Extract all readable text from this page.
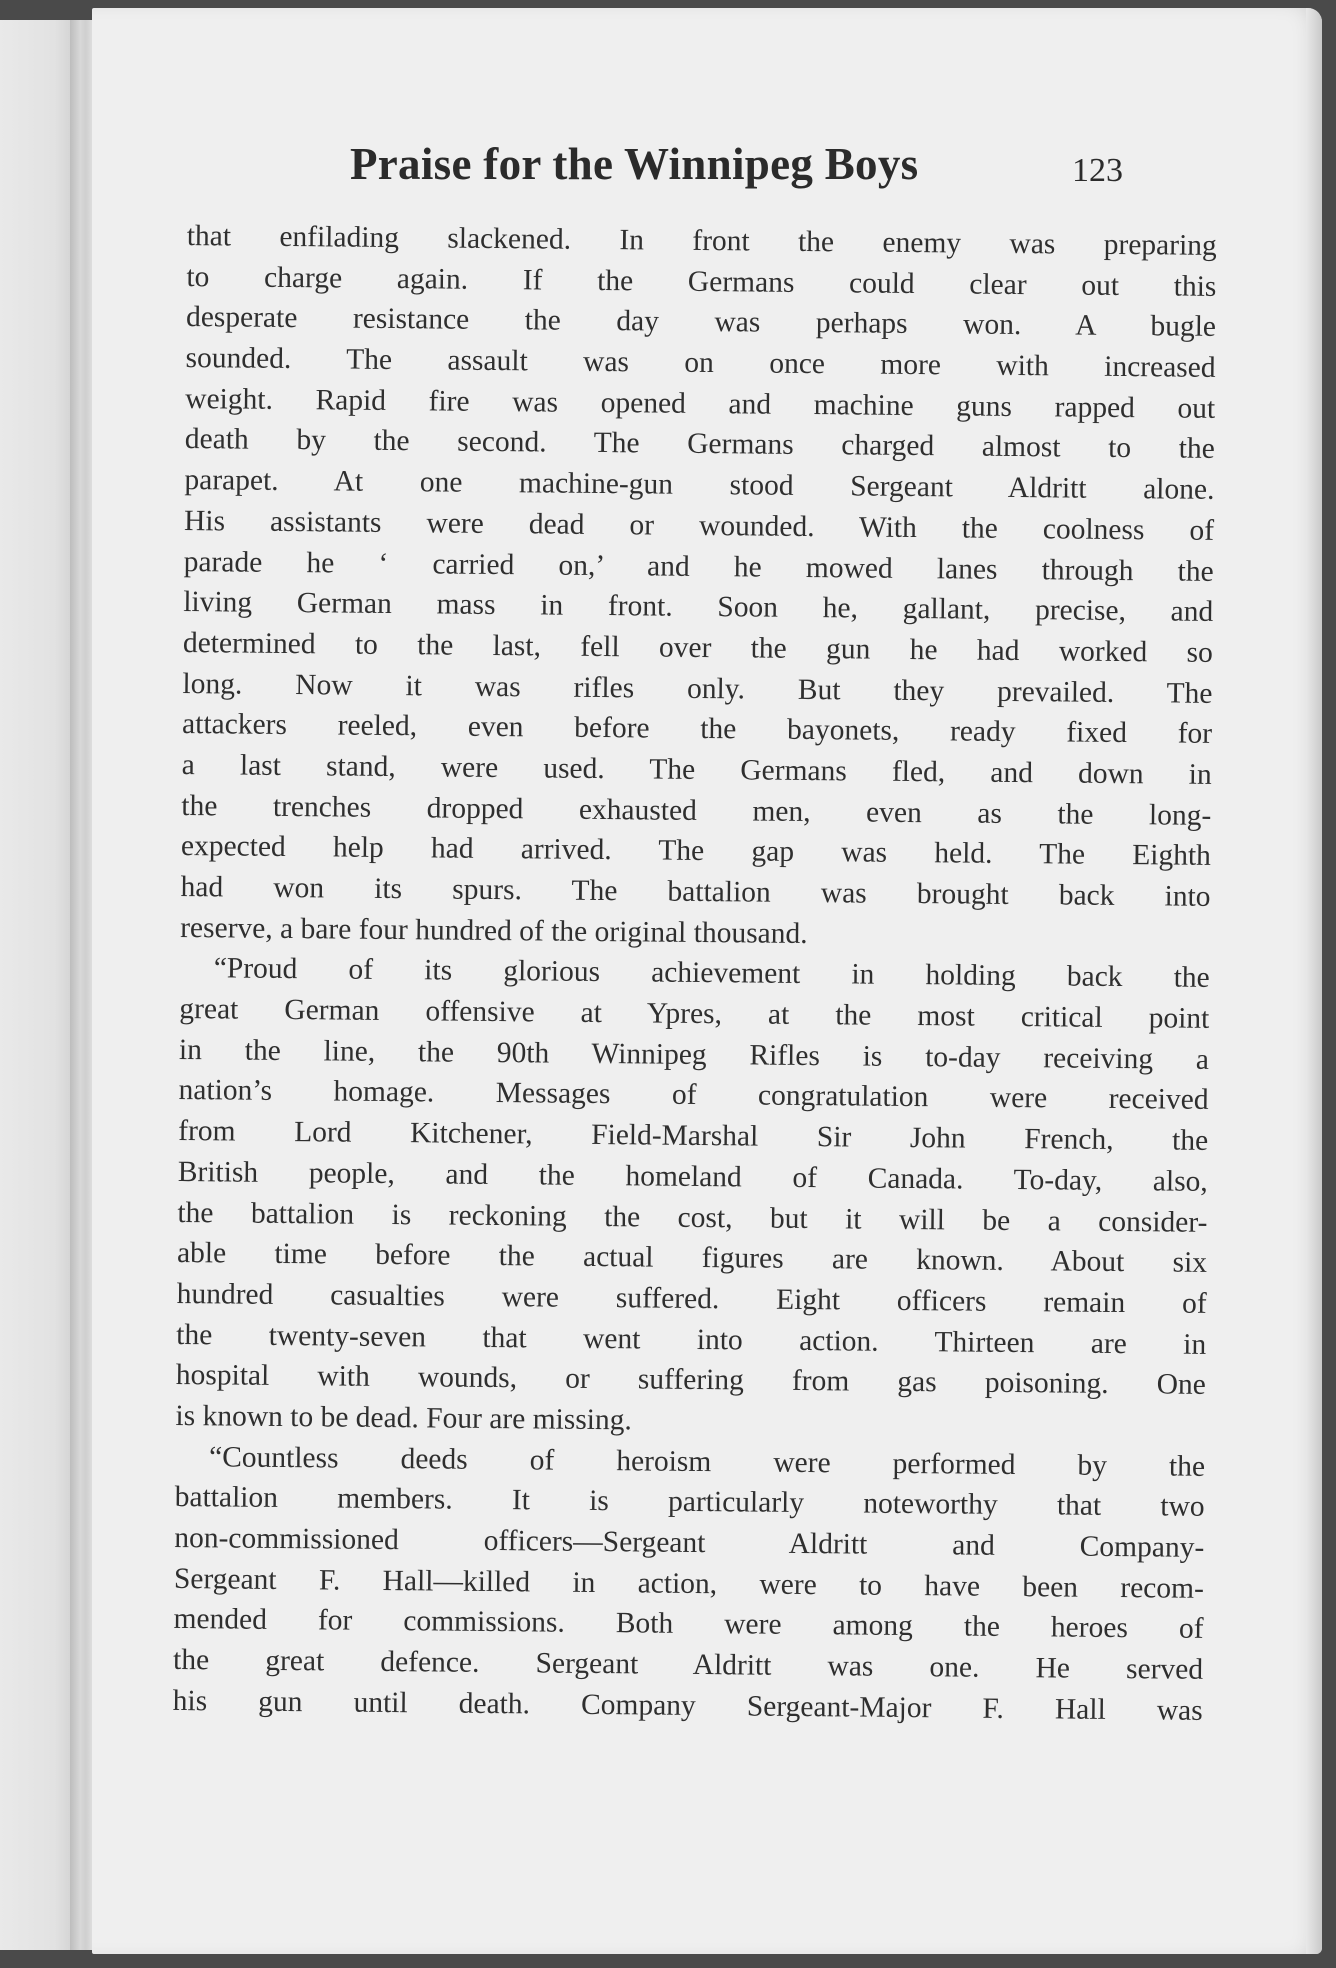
Praise for the Winnipeg Boys	123
that enfilading slackened. In front the enemy was preparing
to charge again. If the Germans could clear out this
desperate resistance the day was perhaps won. A bugle
sounded. The assault was on once more with increased
weight. Rapid fire was opened and machine guns rapped out
death by the second. The Germans charged almost to the
parapet. At one machine-gun stood Sergeant Aldritt alone.
His assistants were dead or wounded. With the coolness of
parade he ‘ carried on,’ and he mowed lanes through the
living German mass in front. Soon he, gallant, precise, and
determined to the last, fell over the gun he had worked so
long. Now it was rifles only. But they prevailed. The
attackers reeled, even before the bayonets, ready fixed for
a last stand, were used. The Germans fled, and down in
the trenches dropped exhausted men, even as the long-
expected help had arrived. The gap was held. The Eighth
had won its spurs. The battalion was brought back into
reserve, a bare four hundred of the original thousand.
“Proud of its glorious achievement in holding back the
great German offensive at Ypres, at the most critical point
in the line, the 90th Winnipeg Rifles is to-day receiving a
nation’s homage. Messages of congratulation were received
from Lord Kitchener, Field-Marshal Sir John French, the
British people, and the homeland of Canada. To-day, also,
the battalion is reckoning the cost, but it will be a consider-
able time before the actual figures are known. About six
hundred casualties were suffered. Eight officers remain of
the twenty-seven that went into action. Thirteen are in
hospital with wounds, or suffering from gas poisoning. One
is known to be dead. Four are missing.
“Countless deeds of heroism were performed by the
battalion members. It is particularly noteworthy that two
non-commissioned officers—Sergeant Aldritt and Company-
Sergeant F. Hall—killed in action, were to have been recom-
mended for commissions. Both were among the heroes of
the great defence. Sergeant Aldritt was one. He served
his gun until death. Company Sergeant-Major F. Hall was
